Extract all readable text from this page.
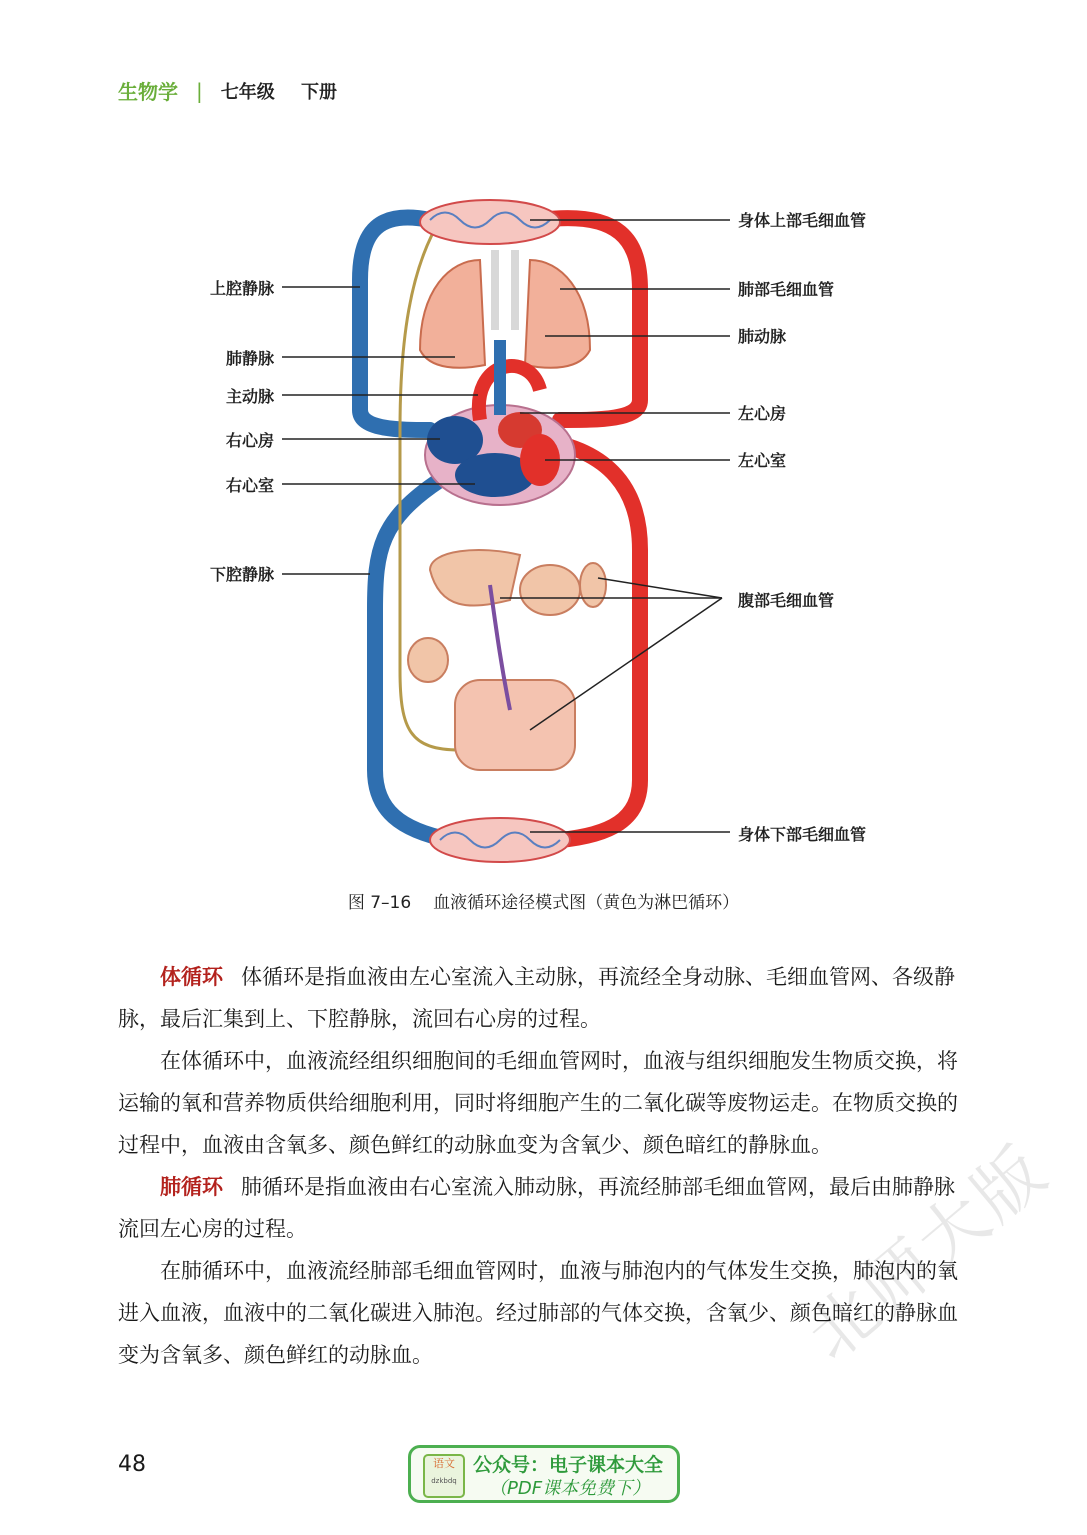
生物学 | 七年级 下册
身体上部毛细血管
肺部毛细血管
肺动脉
左心房
左心室
腹部毛细血管
身体下部毛细血管
上腔静脉
肺静脉
主动脉
右心房
右心室
下腔静脉
图 7–16 血液循环途径模式图（黄色为淋巴循环）

体循环 体循环是指血液由左心室流入主动脉，再流经全身动脉、毛细血管网、各级静脉，最后汇集到上、下腔静脉，流回右心房的过程。

在体循环中，血液流经组织细胞间的毛细血管网时，血液与组织细胞发生物质交换，将运输的氧和营养物质供给细胞利用，同时将细胞产生的二氧化碳等废物运走。在物质交换的过程中，血液由含氧多、颜色鲜红的动脉血变为含氧少、颜色暗红的静脉血。

肺循环 肺循环是指血液由右心室流入肺动脉，再流经肺部毛细血管网，最后由肺静脉流回左心房的过程。

在肺循环中，血液流经肺部毛细血管网时，血液与肺泡内的气体发生交换，肺泡内的氧进入血液，血液中的二氧化碳进入肺泡。经过肺部的气体交换，含氧少、颜色暗红的静脉血变为含氧多、颜色鲜红的动脉血。

48	语文
dzkbdq
公众号：电子课本大全
（PDF课本免费下）
北师大版
